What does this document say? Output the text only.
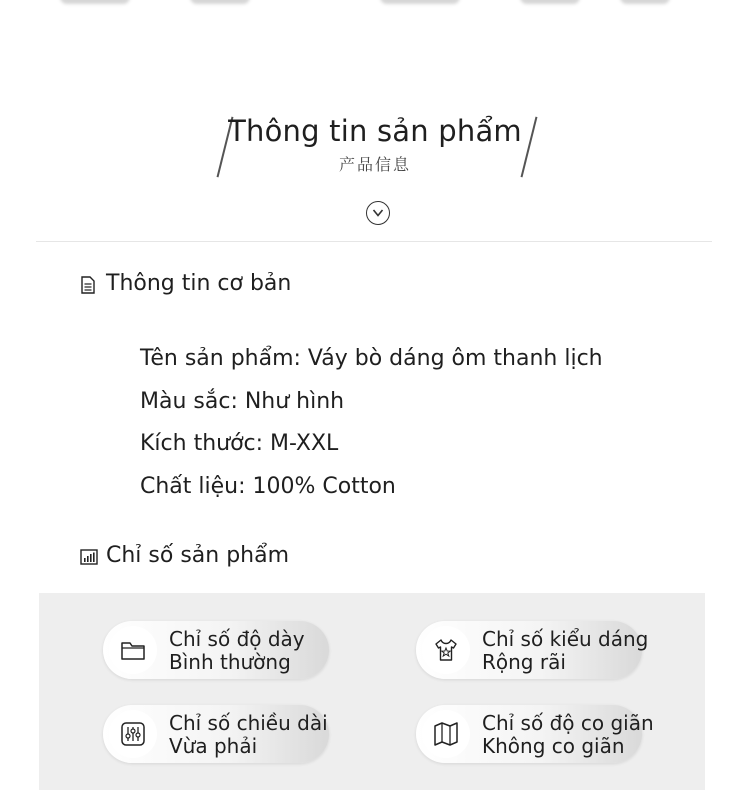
Thông tin sản phẩm
产品信息
Thông tin cơ bản
Tên sản phẩm: Váy bò dáng ôm thanh lịch
Màu sắc: Như hình
Kích thước: M-XXL
Chất liệu: 100% Cotton
Chỉ số sản phẩm
Chỉ số độ dày
Bình thường
Chỉ số kiểu dáng
Rộng rãi
Chỉ số chiều dài
Vừa phải
Chỉ số độ co giãn
Không co giãn
